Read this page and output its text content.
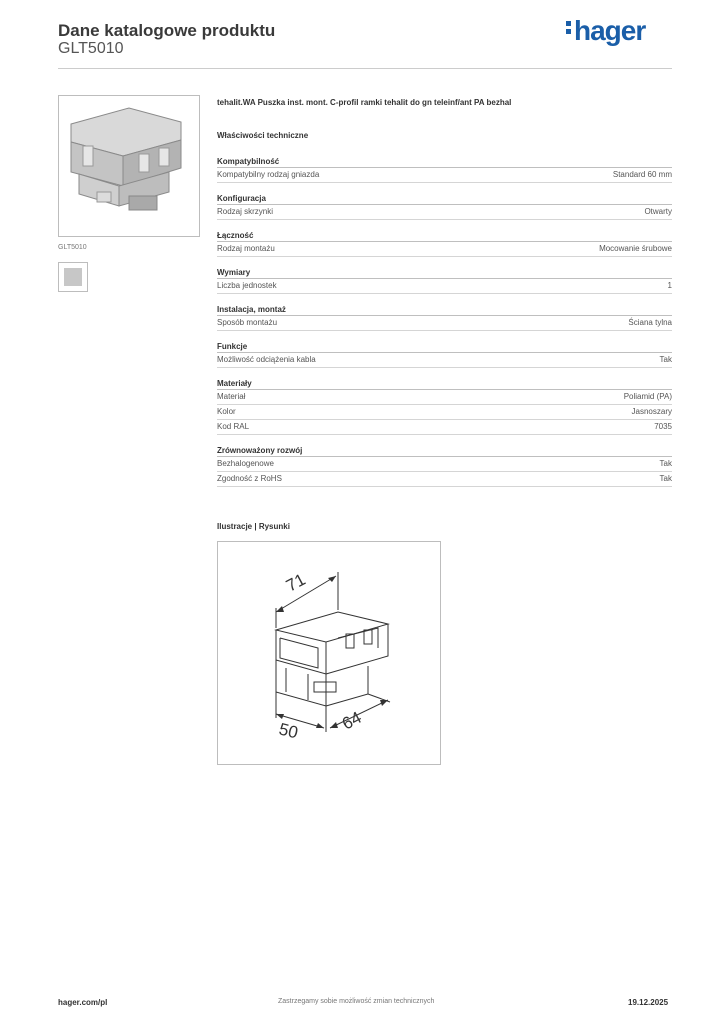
Dane katalogowe produktu
GLT5010
hager
GLT5010
tehalit.WA Puszka inst. mont. C-profil ramki tehalit do gn teleinf/ant PA bezhal
Właściwości techniczne
Kompatybilność
Kompatybilny rodzaj gniazda	Standard 60 mm
Konfiguracja
Rodzaj skrzynki	Otwarty
Łączność
Rodzaj montażu	Mocowanie śrubowe
Wymiary
Liczba jednostek	1
Instalacja, montaż
Sposób montażu	Ściana tylna
Funkcje
Możliwość odciążenia kabla	Tak
Materiały
Materiał	Poliamid (PA)
Kolor	Jasnoszary
Kod RAL	7035
Zrównoważony rozwój
Bezhalogenowe	Tak
Zgodność z RoHS	Tak
Ilustracje | Rysunki
71
50 64
hager.com/pl	Zastrzegamy sobie możliwość zmian technicznych	19.12.2025
